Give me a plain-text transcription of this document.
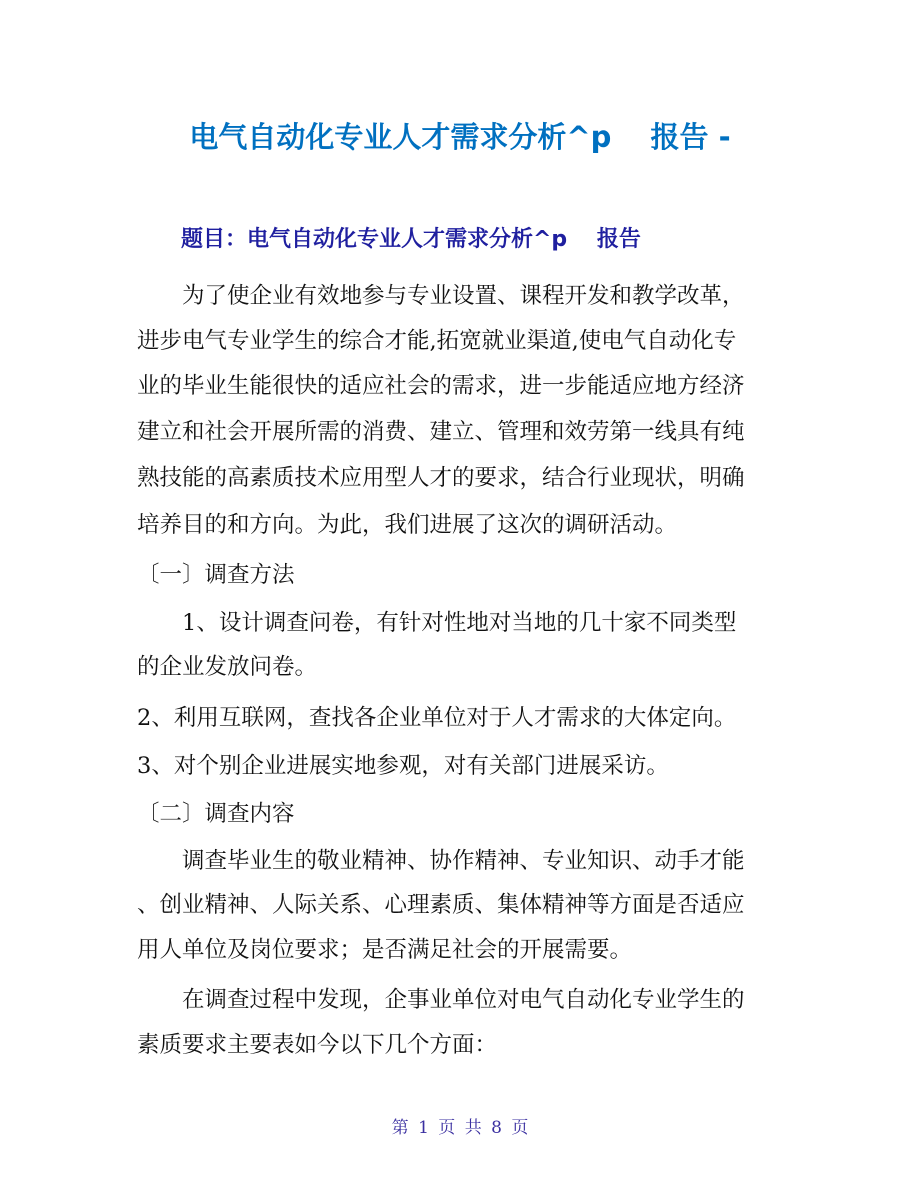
电气自动化专业人才需求分析^p　 报告 -
题目：电气自动化专业人才需求分析^p　 报告
　　为了使企业有效地参与专业设置、课程开发和教学改革，
进步电气专业学生的综合才能,拓宽就业渠道,使电气自动化专
业的毕业生能很快的适应社会的需求，进一步能适应地方经济
建立和社会开展所需的消费、建立、管理和效劳第一线具有纯
熟技能的高素质技术应用型人才的要求，结合行业现状，明确
培养目的和方向。为此，我们进展了这次的调研活动。
〔一〕调查方法
　　1、设计调查问卷，有针对性地对当地的几十家不同类型
的企业发放问卷。
2、利用互联网，查找各企业单位对于人才需求的大体定向。
3、对个别企业进展实地参观，对有关部门进展采访。
〔二〕调查内容
　　调查毕业生的敬业精神、协作精神、专业知识、动手才能
、创业精神、人际关系、心理素质、集体精神等方面是否适应
用人单位及岗位要求；是否满足社会的开展需要。
　　在调查过程中发现，企事业单位对电气自动化专业学生的
素质要求主要表如今以下几个方面：
第 1 页 共 8 页
